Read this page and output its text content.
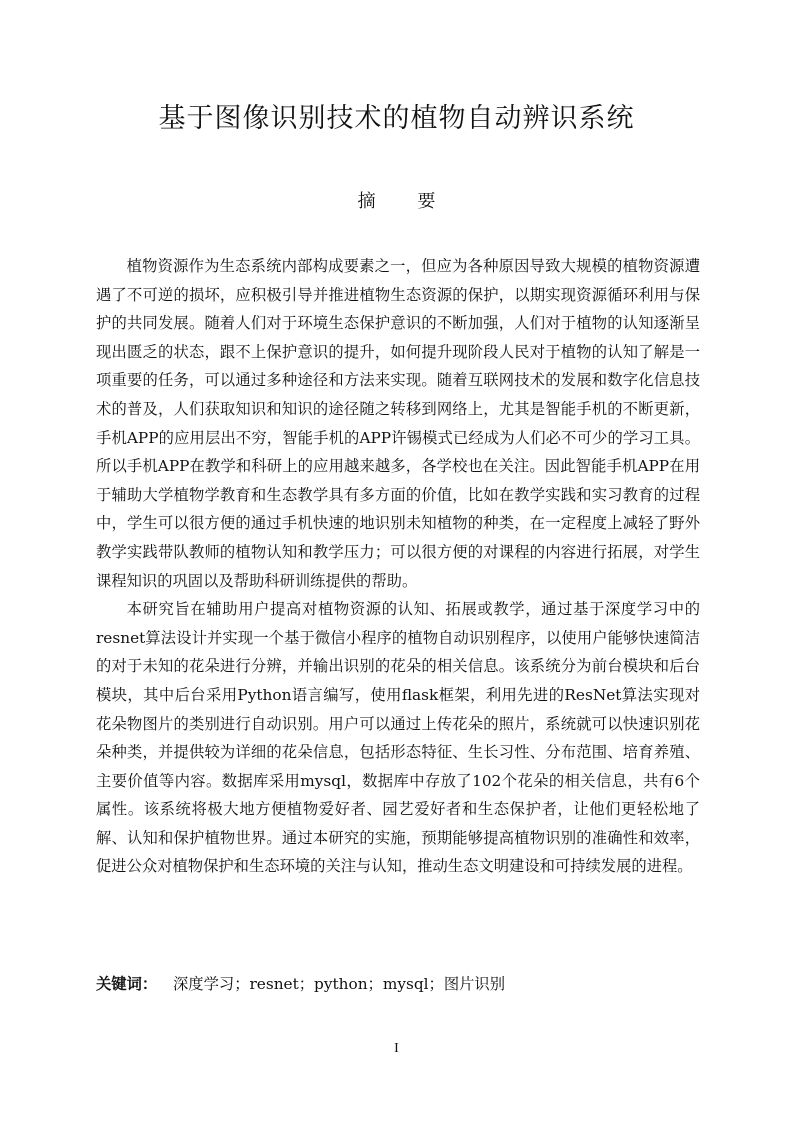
基于图像识别技术的植物自动辨识系统
摘 要

植物资源作为生态系统内部构成要素之一，但应为各种原因导致大规模的植物资源遭遇了不可逆的损坏，应积极引导并推进植物生态资源的保护，以期实现资源循环利用与保护的共同发展。随着人们对于环境生态保护意识的不断加强，人们对于植物的认知逐渐呈现出匮乏的状态，跟不上保护意识的提升，如何提升现阶段人民对于植物的认知了解是一项重要的任务，可以通过多种途径和方法来实现。随着互联网技术的发展和数字化信息技术的普及，人们获取知识和知识的途径随之转移到网络上，尤其是智能手机的不断更新，手机APP的应用层出不穷，智能手机的APP许锡模式已经成为人们必不可少的学习工具。所以手机APP在教学和科研上的应用越来越多，各学校也在关注。因此智能手机APP在用于辅助大学植物学教育和生态教学具有多方面的价值，比如在教学实践和实习教育的过程中，学生可以很方便的通过手机快速的地识别未知植物的种类，在一定程度上减轻了野外教学实践带队教师的植物认知和教学压力；可以很方便的对课程的内容进行拓展，对学生课程知识的巩固以及帮助科研训练提供的帮助。

本研究旨在辅助用户提高对植物资源的认知、拓展或教学，通过基于深度学习中的resnet算法设计并实现一个基于微信小程序的植物自动识别程序，以使用户能够快速简洁的对于未知的花朵进行分辨，并输出识别的花朵的相关信息。该系统分为前台模块和后台模块，其中后台采用Python语言编写，使用flask框架，利用先进的ResNet算法实现对花朵物图片的类别进行自动识别。用户可以通过上传花朵的照片，系统就可以快速识别花朵种类，并提供较为详细的花朵信息，包括形态特征、生长习性、分布范围、培育养殖、主要价值等内容。数据库采用mysql，数据库中存放了102个花朵的相关信息，共有6个属性。该系统将极大地方便植物爱好者、园艺爱好者和生态保护者，让他们更轻松地了解、认知和保护植物世界。通过本研究的实施，预期能够提高植物识别的准确性和效率，促进公众对植物保护和生态环境的关注与认知，推动生态文明建设和可持续发展的进程。

关键词： 深度学习；resnet；python；mysql；图片识别
I
